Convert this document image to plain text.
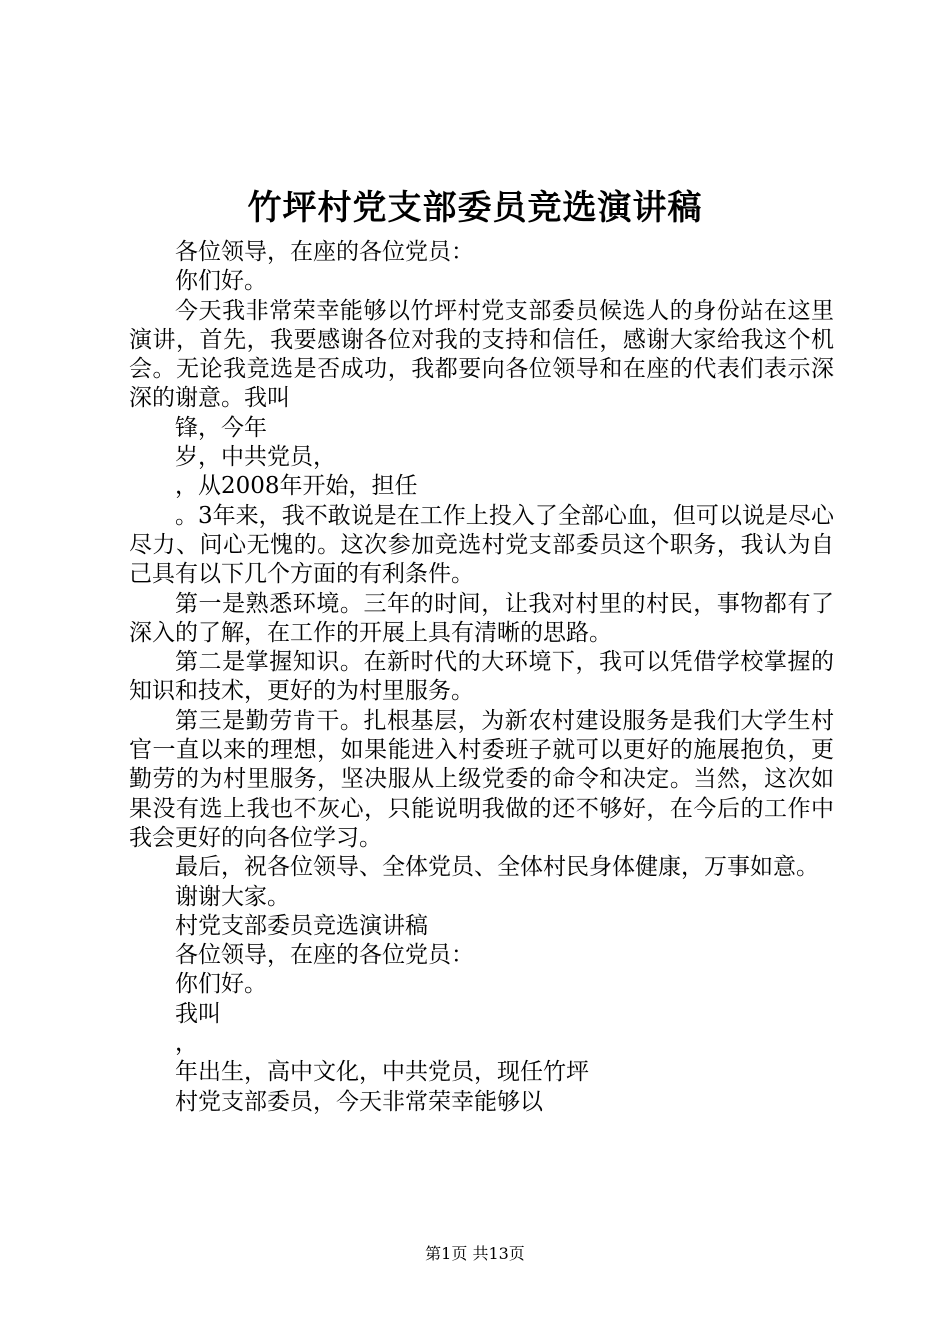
竹坪村党支部委员竞选演讲稿

各位领导，在座的各位党员：

你们好。

今天我非常荣幸能够以竹坪村党支部委员候选人的身份站在这里演讲，首先，我要感谢各位对我的支持和信任，感谢大家给我这个机会。无论我竞选是否成功，我都要向各位领导和在座的代表们表示深深的谢意。我叫

锋，今年

岁，中共党员，

，从2008年开始，担任

。3年来，我不敢说是在工作上投入了全部心血，但可以说是尽心尽力、问心无愧的。这次参加竞选村党支部委员这个职务，我认为自己具有以下几个方面的有利条件。

第一是熟悉环境。三年的时间，让我对村里的村民，事物都有了深入的了解，在工作的开展上具有清晰的思路。

第二是掌握知识。在新时代的大环境下，我可以凭借学校掌握的知识和技术，更好的为村里服务。

第三是勤劳肯干。扎根基层，为新农村建设服务是我们大学生村官一直以来的理想，如果能进入村委班子就可以更好的施展抱负，更勤劳的为村里服务，坚决服从上级党委的命令和决定。当然，这次如果没有选上我也不灰心，只能说明我做的还不够好，在今后的工作中我会更好的向各位学习。

最后，祝各位领导、全体党员、全体村民身体健康，万事如意。

谢谢大家。

村党支部委员竞选演讲稿

各位领导，在座的各位党员：

你们好。

我叫

，

年出生，高中文化，中共党员，现任竹坪

村党支部委员，今天非常荣幸能够以

第1页 共13页
